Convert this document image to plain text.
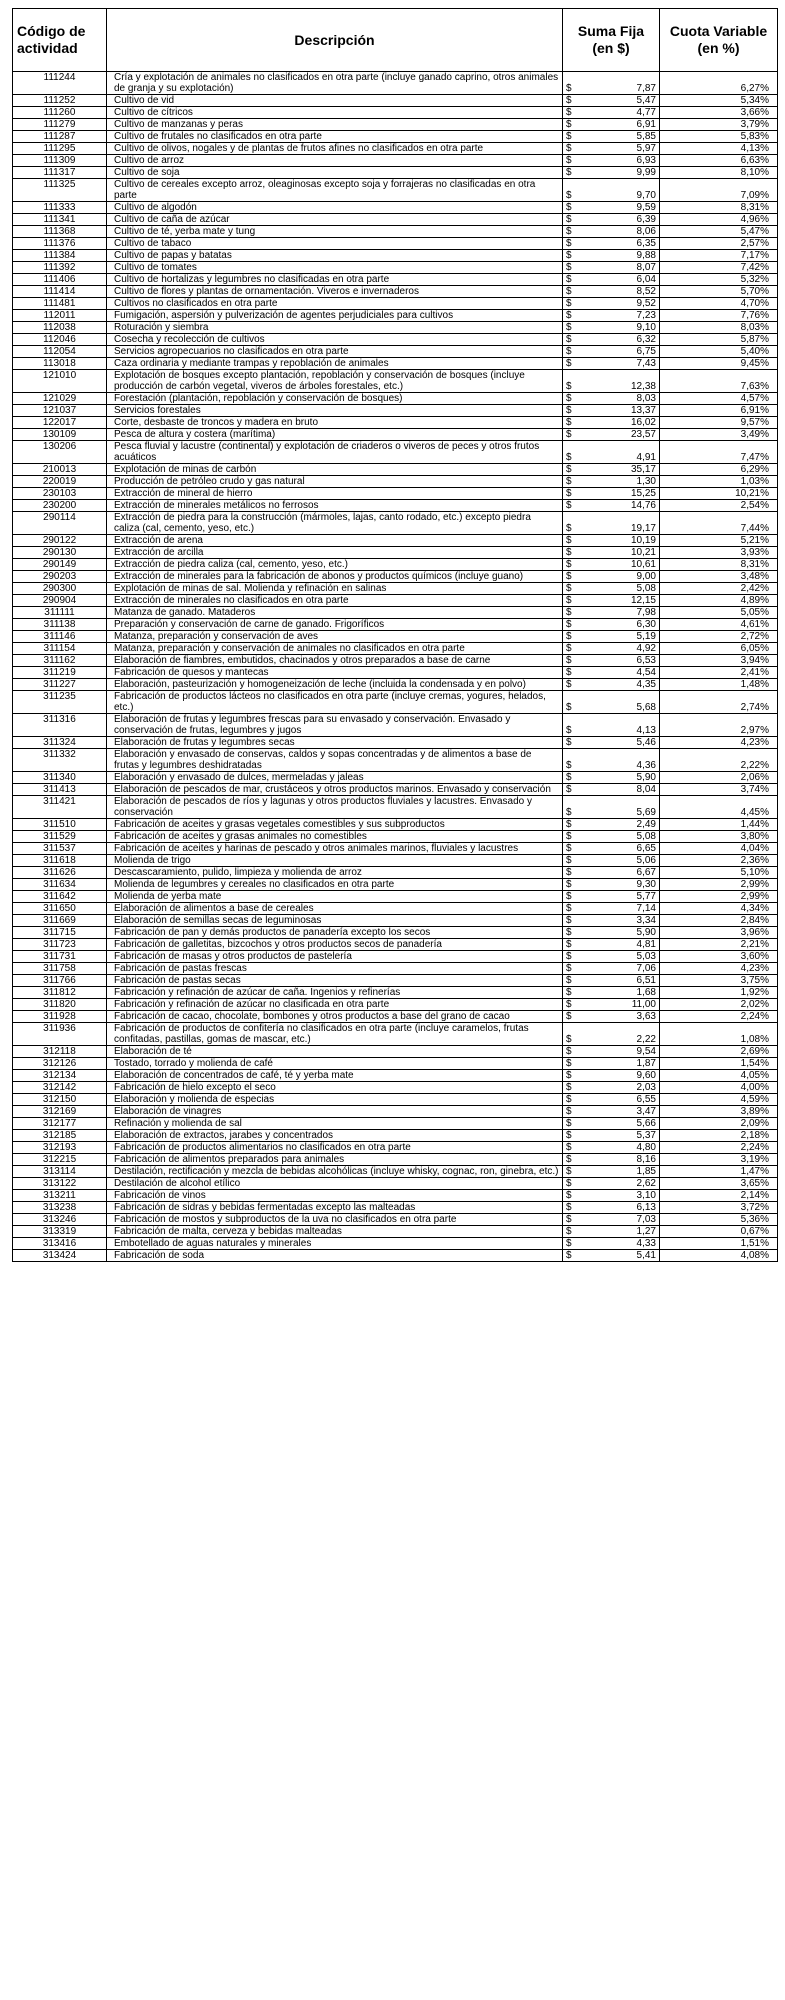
Código de actividad	Descripción	Suma Fija (en $)	Cuota Variable (en %)
111244	Cría y explotación de animales no clasificados en otra parte (incluye ganado caprino, otros animales de granja y su explotación)	$ 7,87	6,27%
111252	Cultivo de vid	$ 5,47	5,34%
111260	Cultivo de cítricos	$ 4,77	3,66%
111279	Cultivo de manzanas y peras	$ 6,91	3,79%
111287	Cultivo de frutales no clasificados en otra parte	$ 5,85	5,83%
111295	Cultivo de olivos, nogales y de plantas de frutos afines no clasificados en otra parte	$ 5,97	4,13%
111309	Cultivo de arroz	$ 6,93	6,63%
111317	Cultivo de soja	$ 9,99	8,10%
111325	Cultivo de cereales excepto arroz, oleaginosas excepto soja y forrajeras no clasificadas en otra parte	$ 9,70	7,09%
111333	Cultivo de algodón	$ 9,59	8,31%
111341	Cultivo de caña de azúcar	$ 6,39	4,96%
111368	Cultivo de té, yerba mate y tung	$ 8,06	5,47%
111376	Cultivo de tabaco	$ 6,35	2,57%
111384	Cultivo de papas y batatas	$ 9,88	7,17%
111392	Cultivo de tomates	$ 8,07	7,42%
111406	Cultivo de hortalizas y legumbres no clasificadas en otra parte	$ 6,04	5,32%
111414	Cultivo de flores y plantas de ornamentación. Viveros e invernaderos	$ 8,52	5,70%
111481	Cultivos no clasificados en otra parte	$ 9,52	4,70%
112011	Fumigación, aspersión y pulverización de agentes perjudiciales para cultivos	$ 7,23	7,76%
112038	Roturación y siembra	$ 9,10	8,03%
112046	Cosecha y recolección de cultivos	$ 6,32	5,87%
112054	Servicios agropecuarios no clasificados en otra parte	$ 6,75	5,40%
113018	Caza ordinaria y mediante trampas y repoblación de animales	$ 7,43	9,45%
121010	Explotación de bosques excepto plantación, repoblación y conservación de bosques (incluye producción de carbón vegetal, viveros de árboles forestales, etc.)	$ 12,38	7,63%
121029	Forestación (plantación, repoblación y conservación de bosques)	$ 8,03	4,57%
121037	Servicios forestales	$ 13,37	6,91%
122017	Corte, desbaste de troncos y madera en bruto	$ 16,02	9,57%
130109	Pesca de altura y costera (marítima)	$ 23,57	3,49%
130206	Pesca fluvial y lacustre (continental) y explotación de criaderos o viveros de peces y otros frutos acuáticos	$ 4,91	7,47%
210013	Explotación de minas de carbón	$ 35,17	6,29%
220019	Producción de petróleo crudo y gas natural	$ 1,30	1,03%
230103	Extracción de mineral de hierro	$ 15,25	10,21%
230200	Extracción de minerales metálicos no ferrosos	$ 14,76	2,54%
290114	Extracción de piedra para la construcción (mármoles, lajas, canto rodado, etc.) excepto piedra caliza (cal, cemento, yeso, etc.)	$ 19,17	7,44%
290122	Extracción de arena	$ 10,19	5,21%
290130	Extracción de arcilla	$ 10,21	3,93%
290149	Extracción de piedra caliza (cal, cemento, yeso, etc.)	$ 10,61	8,31%
290203	Extracción de minerales para la fabricación de abonos y productos químicos (incluye guano)	$ 9,00	3,48%
290300	Explotación de minas de sal. Molienda y refinación en salinas	$ 5,08	2,42%
290904	Extracción de minerales no clasificados en otra parte	$ 12,15	4,89%
311111	Matanza de ganado. Mataderos	$ 7,98	5,05%
311138	Preparación y conservación de carne de ganado. Frigoríficos	$ 6,30	4,61%
311146	Matanza, preparación y conservación de aves	$ 5,19	2,72%
311154	Matanza, preparación y conservación de animales no clasificados en otra parte	$ 4,92	6,05%
311162	Elaboración de fiambres, embutidos, chacinados y otros preparados a base de carne	$ 6,53	3,94%
311219	Fabricación de quesos y mantecas	$ 4,54	2,41%
311227	Elaboración, pasteurización y homogeneización de leche (incluida la condensada y en polvo)	$ 4,35	1,48%
311235	Fabricación de productos lácteos no clasificados en otra parte (incluye cremas, yogures, helados, etc.)	$ 5,68	2,74%
311316	Elaboración de frutas y legumbres frescas para su envasado y conservación. Envasado y conservación de frutas, legumbres y jugos	$ 4,13	2,97%
311324	Elaboración de frutas y legumbres secas	$ 5,46	4,23%
311332	Elaboración y envasado de conservas, caldos y sopas concentradas y de alimentos a base de frutas y legumbres deshidratadas	$ 4,36	2,22%
311340	Elaboración y envasado de dulces, mermeladas y jaleas	$ 5,90	2,06%
311413	Elaboración de pescados de mar, crustáceos y otros productos marinos. Envasado y conservación	$ 8,04	3,74%
311421	Elaboración de pescados de ríos y lagunas y otros productos fluviales y lacustres. Envasado y conservación	$ 5,69	4,45%
311510	Fabricación de aceites y grasas vegetales comestibles y sus subproductos	$ 2,49	1,44%
311529	Fabricación de aceites y grasas animales no comestibles	$ 5,08	3,80%
311537	Fabricación de aceites y harinas de pescado y otros animales marinos, fluviales y lacustres	$ 6,65	4,04%
311618	Molienda de trigo	$ 5,06	2,36%
311626	Descascaramiento, pulido, limpieza y molienda de arroz	$ 6,67	5,10%
311634	Molienda de legumbres y cereales no clasificados en otra parte	$ 9,30	2,99%
311642	Molienda de yerba mate	$ 5,77	2,99%
311650	Elaboración de alimentos a base de cereales	$ 7,14	4,34%
311669	Elaboración de semillas secas de leguminosas	$ 3,34	2,84%
311715	Fabricación de pan y demás productos de panadería excepto los secos	$ 5,90	3,96%
311723	Fabricación de galletitas, bizcochos y otros productos secos de panadería	$ 4,81	2,21%
311731	Fabricación de masas y otros productos de pastelería	$ 5,03	3,60%
311758	Fabricación de pastas frescas	$ 7,06	4,23%
311766	Fabricación de pastas secas	$ 6,51	3,75%
311812	Fabricación y refinación de azúcar de caña. Ingenios y refinerías	$ 1,68	1,92%
311820	Fabricación y refinación de azúcar no clasificada en otra parte	$ 11,00	2,02%
311928	Fabricación de cacao, chocolate, bombones y otros productos a base del grano de cacao	$ 3,63	2,24%
311936	Fabricación de productos de confitería no clasificados en otra parte (incluye caramelos, frutas confitadas, pastillas, gomas de mascar, etc.)	$ 2,22	1,08%
312118	Elaboración de té	$ 9,54	2,69%
312126	Tostado, torrado y molienda de café	$ 1,87	1,54%
312134	Elaboración de concentrados de café, té y yerba mate	$ 9,60	4,05%
312142	Fabricación de hielo excepto el seco	$ 2,03	4,00%
312150	Elaboración y molienda de especias	$ 6,55	4,59%
312169	Elaboración de vinagres	$ 3,47	3,89%
312177	Refinación y molienda de sal	$ 5,66	2,09%
312185	Elaboración de extractos, jarabes y concentrados	$ 5,37	2,18%
312193	Fabricación de productos alimentarios no clasificados en otra parte	$ 4,80	2,24%
312215	Fabricación de alimentos preparados para animales	$ 8,16	3,19%
313114	Destilación, rectificación y mezcla de bebidas alcohólicas (incluye whisky, cognac, ron, ginebra, etc.)	$ 1,85	1,47%
313122	Destilación de alcohol etílico	$ 2,62	3,65%
313211	Fabricación de vinos	$ 3,10	2,14%
313238	Fabricación de sidras y bebidas fermentadas excepto las malteadas	$ 6,13	3,72%
313246	Fabricación de mostos y subproductos de la uva no clasificados en otra parte	$ 7,03	5,36%
313319	Fabricación de malta, cerveza y bebidas malteadas	$ 1,27	0,67%
313416	Embotellado de aguas naturales y minerales	$ 4,33	1,51%
313424	Fabricación de soda	$ 5,41	4,08%
